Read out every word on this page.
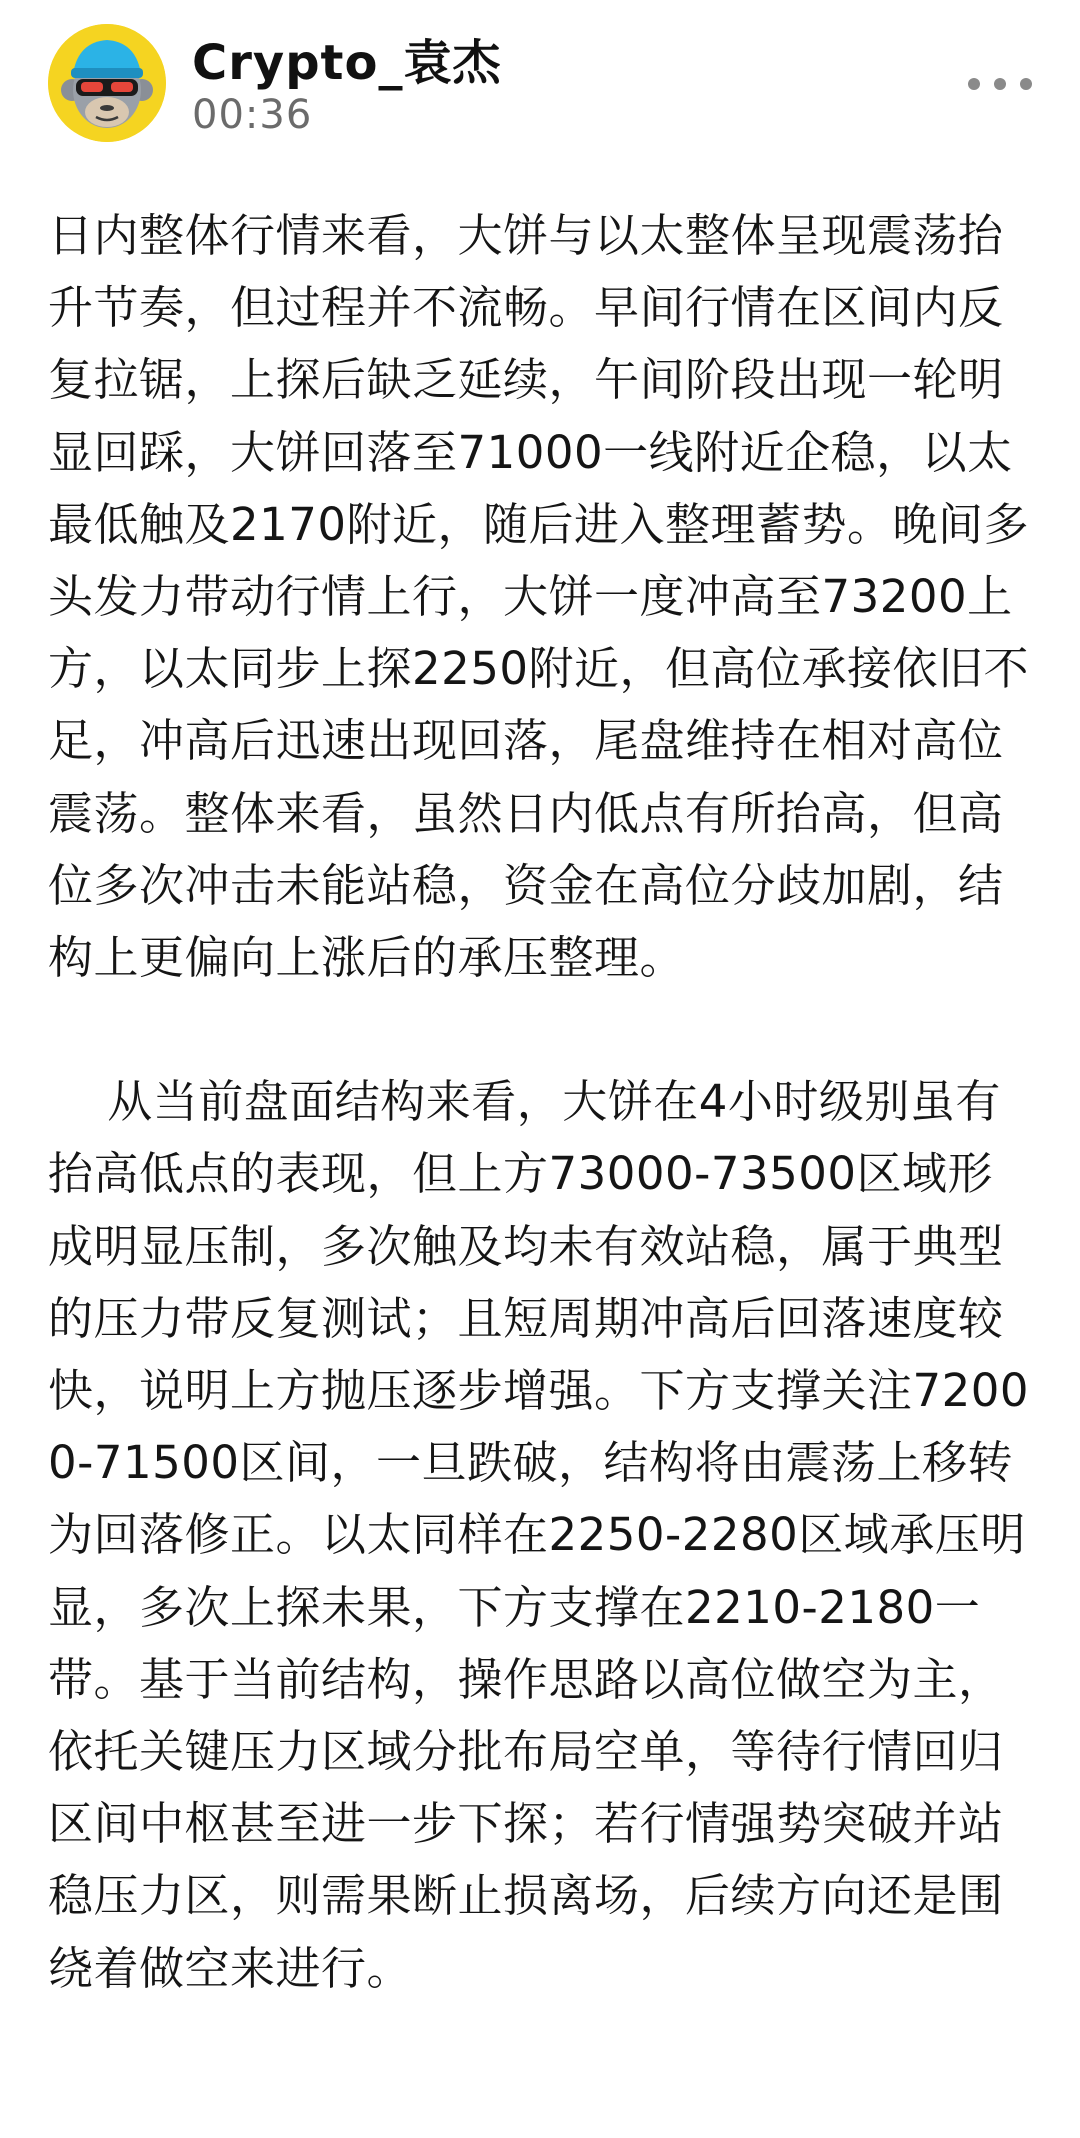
Crypto_袁杰
00:36

日内整体行情来看，大饼与以太整体呈现震荡抬升节奏，但过程并不流畅。早间行情在区间内反复拉锯，上探后缺乏延续，午间阶段出现一轮明显回踩，大饼回落至71000一线附近企稳，以太最低触及2170附近，随后进入整理蓄势。晚间多头发力带动行情上行，大饼一度冲高至73200上方，以太同步上探2250附近，但高位承接依旧不足，冲高后迅速出现回落，尾盘维持在相对高位震荡。整体来看，虽然日内低点有所抬高，但高位多次冲击未能站稳，资金在高位分歧加剧，结构上更偏向上涨后的承压整理。

从当前盘面结构来看，大饼在4小时级别虽有抬高低点的表现，但上方73000-73500区域形成明显压制，多次触及均未有效站稳，属于典型的压力带反复测试；且短周期冲高后回落速度较快，说明上方抛压逐步增强。下方支撑关注72000-71500区间，一旦跌破，结构将由震荡上移转为回落修正。以太同样在2250-2280区域承压明显，多次上探未果，下方支撑在2210-2180一带。基于当前结构，操作思路以高位做空为主，依托关键压力区域分批布局空单，等待行情回归区间中枢甚至进一步下探；若行情强势突破并站稳压力区，则需果断止损离场，后续方向还是围绕着做空来进行。
